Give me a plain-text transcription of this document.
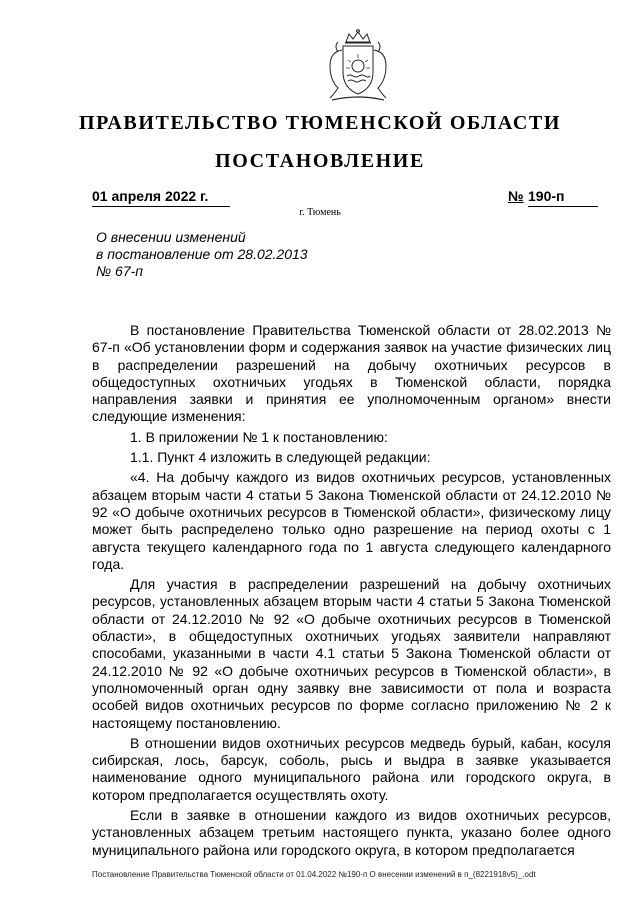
ПРАВИТЕЛЬСТВО ТЮМЕНСКОЙ ОБЛАСТИ
ПОСТАНОВЛЕНИЕ
01 апреля 2022 г.	№ 190-п
г. Тюмень
О внесении изменений
в постановление от 28.02.2013
№ 67-п

В постановление Правительства Тюменской области от 28.02.2013 № 67-п «Об установлении форм и содержания заявок на участие физических лиц в распределении разрешений на добычу охотничьих ресурсов в общедоступных охотничьих угодьях в Тюменской области, порядка направления заявки и принятия ее уполномоченным органом» внести следующие изменения:

1. В приложении № 1 к постановлению:

1.1. Пункт 4 изложить в следующей редакции:

«4. На добычу каждого из видов охотничьих ресурсов, установленных абзацем вторым части 4 статьи 5 Закона Тюменской области от 24.12.2010 № 92 «О добыче охотничьих ресурсов в Тюменской области», физическому лицу может быть распределено только одно разрешение на период охоты с 1 августа текущего календарного года по 1 августа следующего календарного года.

Для участия в распределении разрешений на добычу охотничьих ресурсов, установленных абзацем вторым части 4 статьи 5 Закона Тюменской области от 24.12.2010 № 92 «О добыче охотничьих ресурсов в Тюменской области», в общедоступных охотничьих угодьях заявители направляют способами, указанными в части 4.1 статьи 5 Закона Тюменской области от 24.12.2010 № 92 «О добыче охотничьих ресурсов в Тюменской области», в уполномоченный орган одну заявку вне зависимости от пола и возраста особей видов охотничьих ресурсов по форме согласно приложению № 2 к настоящему постановлению.

В отношении видов охотничьих ресурсов медведь бурый, кабан, косуля сибирская, лось, барсук, соболь, рысь и выдра в заявке указывается наименование одного муниципального района или городского округа, в котором предполагается осуществлять охоту.

Если в заявке в отношении каждого из видов охотничьих ресурсов, установленных абзацем третьим настоящего пункта, указано более одного муниципального района или городского округа, в котором предполагается

Постановление Правительства Тюменской области от 01.04.2022 №190-п О внесении изменений в п_(8221918v5)_.odt
